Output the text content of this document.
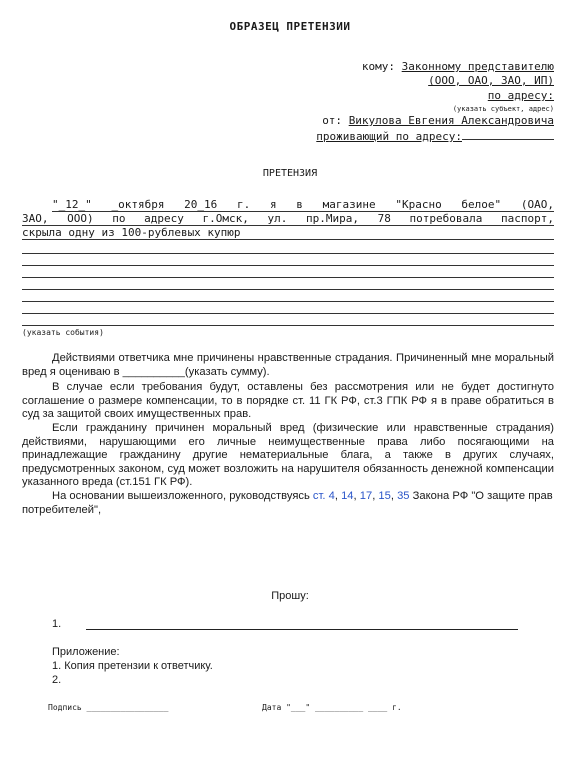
ОБРАЗЕЦ ПРЕТЕНЗИИ
кому: Законному представителю
(ООО, ОАО, ЗАО, ИП)
по адресу:
(указать субъект, адрес)
от: Викулова Евгения Александровича
проживающий по адресу:
ПРЕТЕНЗИЯ
"_12_" _октября 20_16 г. я в магазине "Красно белое" (ОАО,
ЗАО, ООО) по адресу г.Омск, ул. пр.Мира, 78 потребовала паспорт,
скрыла одну из 100-рублевых купюр
(указать события)

Действиями ответчика мне причинены нравственные страдания. Причиненный мне моральный вред я оцениваю в __________(указать сумму).

В случае если требования будут, оставлены без рассмотрения или не будет достигнуто соглашение о размере компенсации, то в порядке ст. 11 ГК РФ, ст.3 ГПК РФ я в праве обратиться в суд за защитой своих имущественных прав.

Если гражданину причинен моральный вред (физические или нравственные страдания) действиями, нарушающими его личные неимущественные права либо посягающими на принадлежащие гражданину другие нематериальные блага, а также в других случаях, предусмотренных законом, суд может возложить на нарушителя обязанность денежной компенсации указанного вреда (ст.151 ГК РФ).

На основании вышеизложенного, руководствуясь ст. 4, 14, 17, 15, 35 Закона РФ "О защите прав потребителей",

Прошу:
1.
Приложение:
1. Копия претензии к ответчику.
2.
Подпись _________________	Дата "___" __________ ____ г.
